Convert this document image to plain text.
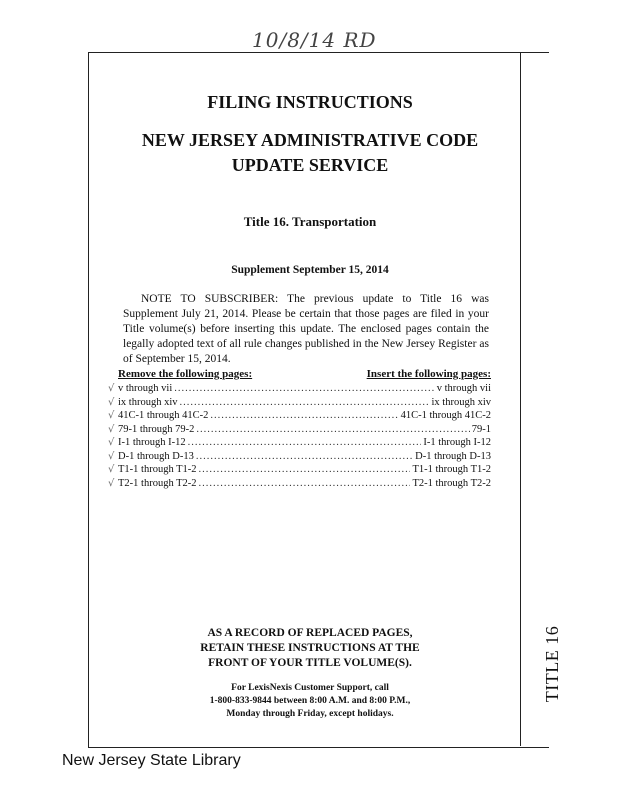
10/8/14 RD
TITLE 16
FILING INSTRUCTIONS
NEW JERSEY ADMINISTRATIVE CODE
UPDATE SERVICE
Title 16. Transportation
Supplement September 15, 2014
NOTE TO SUBSCRIBER: The previous update to Title 16 was Supplement July 21, 2014. Please be certain that those pages are filed in your Title volume(s) before inserting this update. The enclosed pages contain the legally adopted text of all rule changes published in the New Jersey Register as of September 15, 2014.
Remove the following pages:	Insert the following pages:
√ v through vii .....	v through vii
√ ix through xiv .....	ix through xiv
√ 41C-1 through 41C-2 .....	41C-1 through 41C-2
√ 79-1 through 79-2 .....	79-1
√ I-1 through I-12 .....	I-1 through I-12
√ D-1 through D-13 .....	D-1 through D-13
√ T1-1 through T1-2 .....	T1-1 through T1-2
√ T2-1 through T2-2 .....	T2-1 through T2-2
AS A RECORD OF REPLACED PAGES,
RETAIN THESE INSTRUCTIONS AT THE
FRONT OF YOUR TITLE VOLUME(S).
For LexisNexis Customer Support, call
1-800-833-9844 between 8:00 A.M. and 8:00 P.M.,
Monday through Friday, except holidays.
New Jersey State Library
